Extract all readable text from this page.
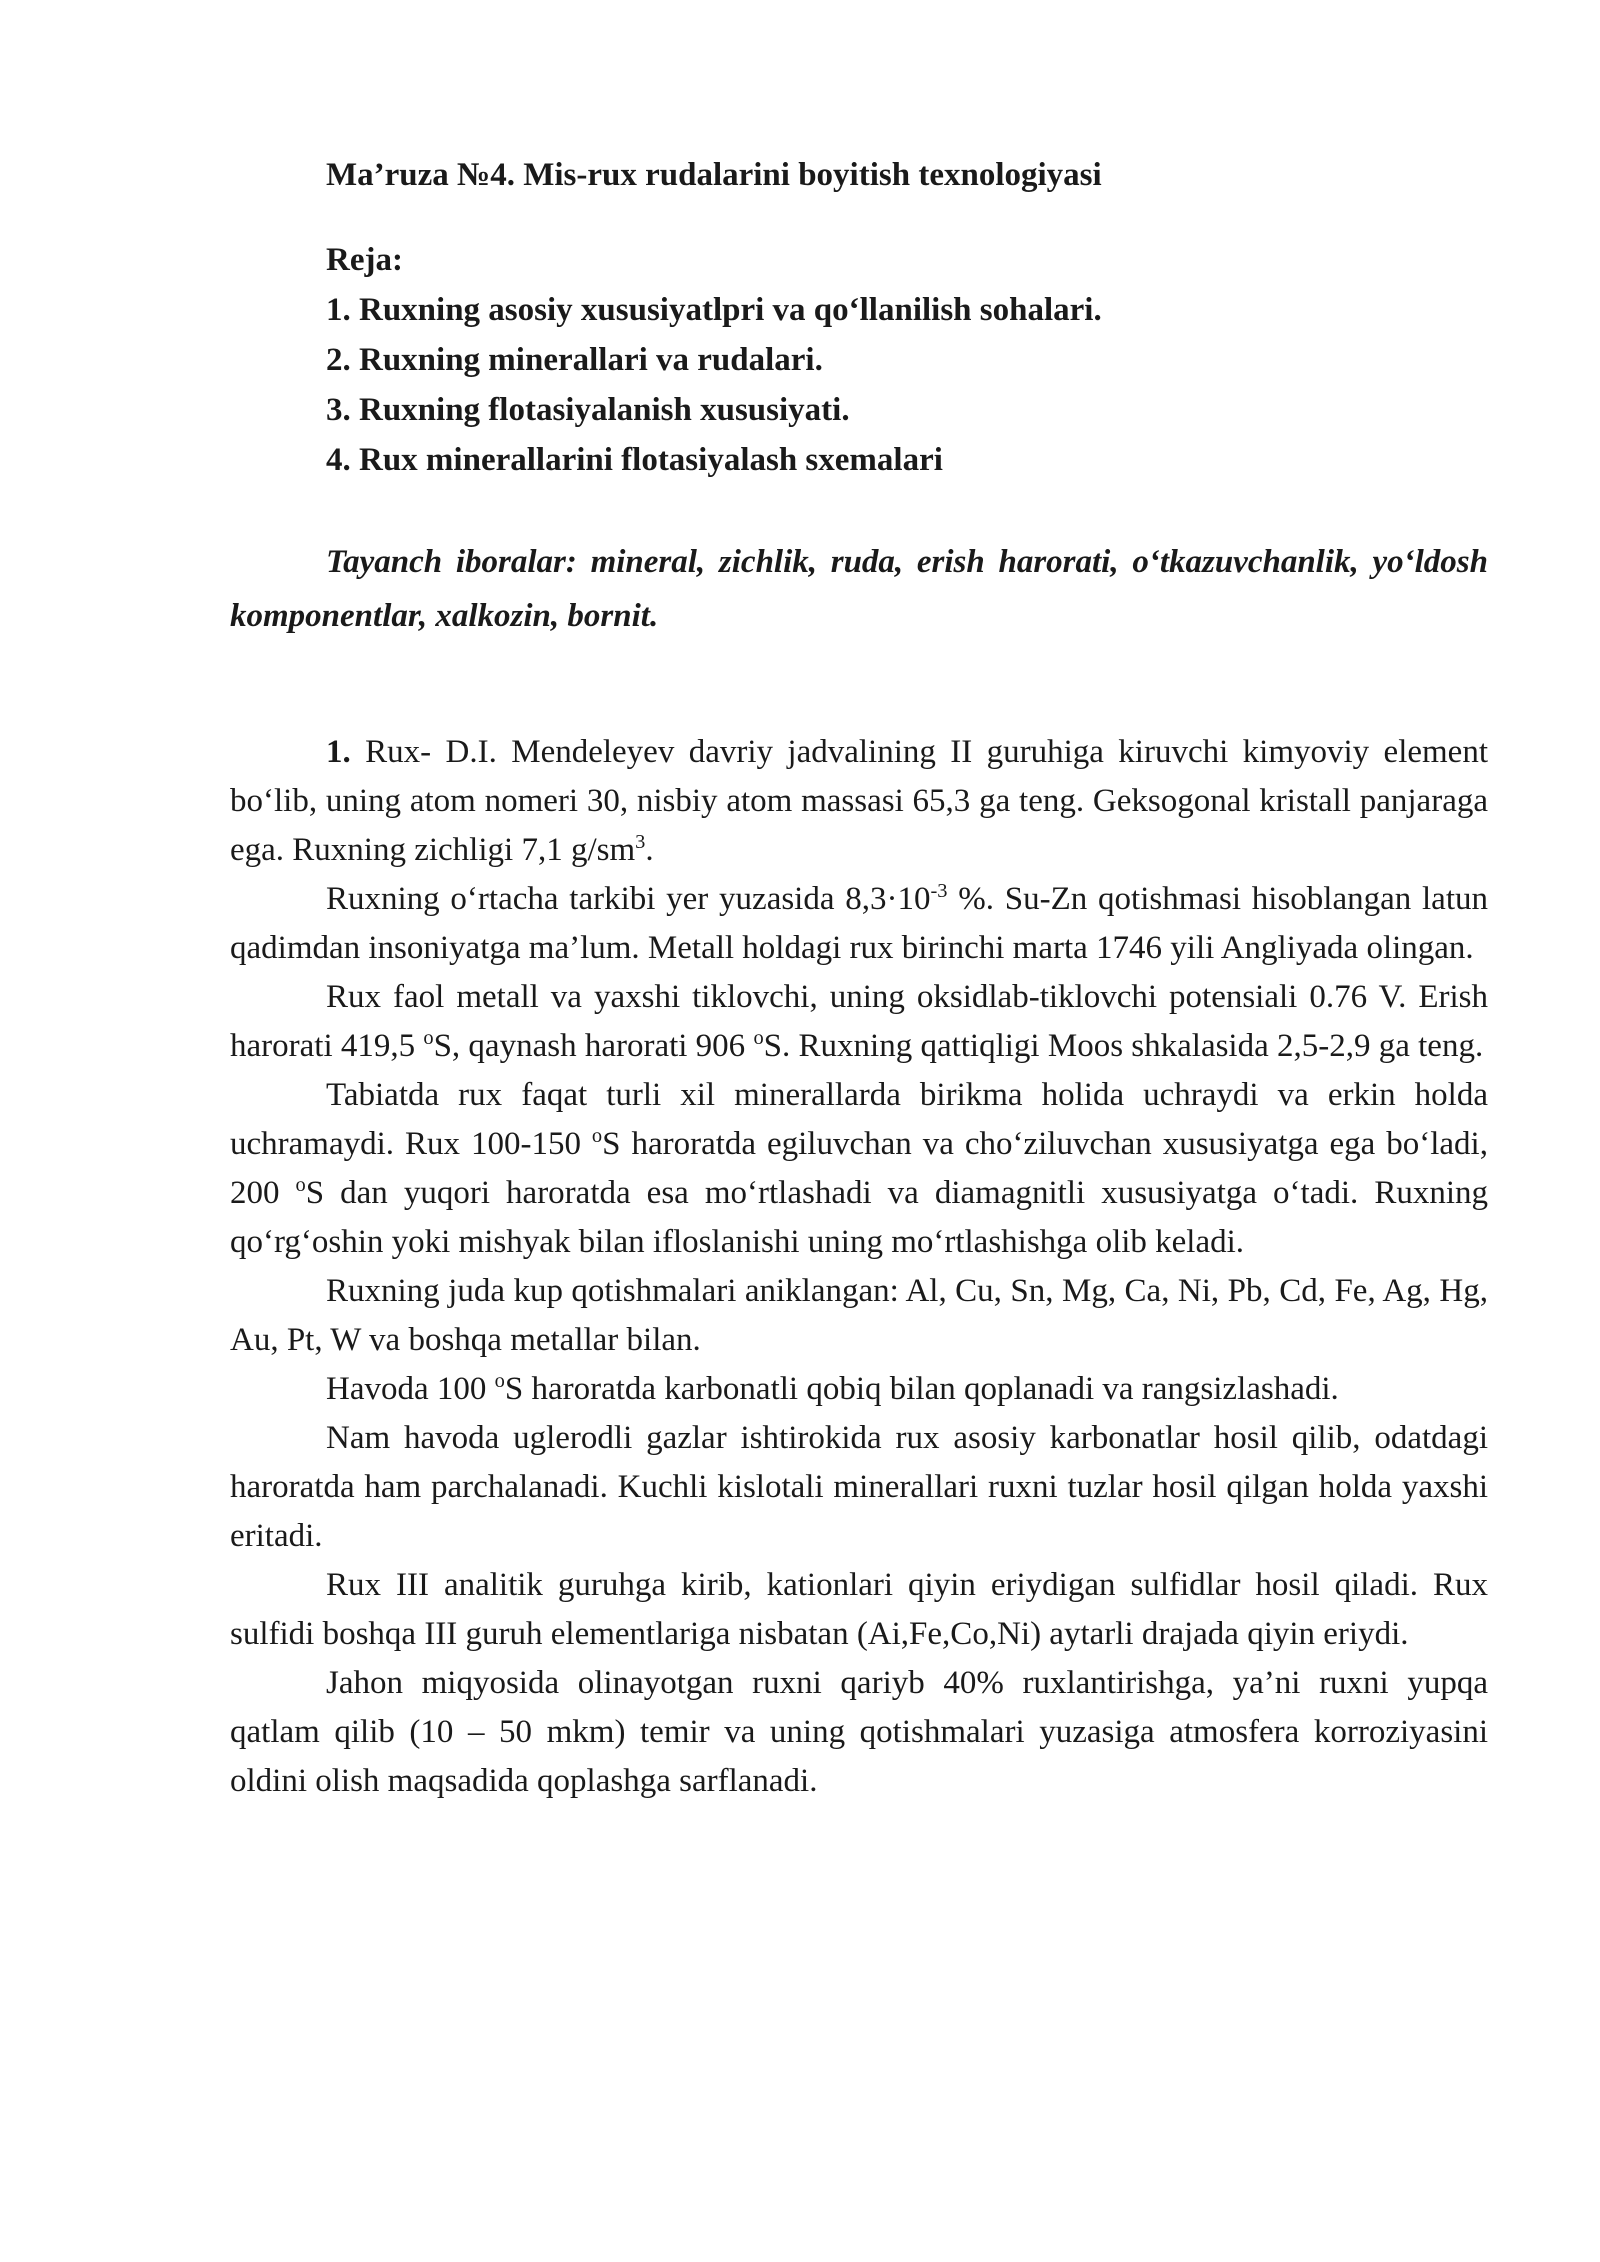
Ma’ruza №4. Mis-rux rudalarini boyitish texnologiyasi
Reja:
1. Ruxning asosiy xususiyatlpri va qo‘llanilish sohalari.
2. Ruxning minerallari va rudalari.
3. Ruxning flotasiyalanish xususiyati.
4. Rux minerallarini flotasiyalash sxemalari
Tayanch iboralar: mineral, zichlik, ruda, erish harorati, o‘tkazuvchanlik, yo‘ldosh komponentlar, xalkozin, bornit.

1. Rux- D.I. Mendeleyev davriy jadvalining II guruhiga kiruvchi kimyoviy element bo‘lib, uning atom nomeri 30, nisbiy atom massasi 65,3 ga teng. Geksogonal kristall panjaraga ega. Ruxning zichligi 7,1 $g/sm^3$.

Ruxning o‘rtacha tarkibi yer yuzasida $8,3\cdot 10^{-3}$ %. Su-Zn qotishmasi hisoblangan latun qadimdan insoniyatga ma’lum. Metall holdagi rux birinchi marta 1746 yili Angliyada olingan.

Rux faol metall va yaxshi tiklovchi, uning oksidlab-tiklovchi potensiali 0.76 V. Erish harorati 419,5 $^o$S, qaynash harorati 906 $^o$S. Ruxning qattiqligi Moos shkalasida 2,5-2,9 ga teng.

Tabiatda rux faqat turli xil minerallarda birikma holida uchraydi va erkin holda uchramaydi. Rux 100-150 $^o$S haroratda egiluvchan va cho‘ziluvchan xususiyatga ega bo‘ladi, 200 $^o$S dan yuqori haroratda esa mo‘rtlashadi va diamagnitli xususiyatga o‘tadi. Ruxning qo‘rg‘oshin yoki mishyak bilan ifloslanishi uning mo‘rtlashishga olib keladi.

Ruxning juda kup qotishmalari aniklangan: Al, Cu, Sn, Mg, Ca, Ni, Pb, Cd, Fe, Ag, Hg, Au, Pt, W va boshqa metallar bilan.

Havoda 100 $^o$S haroratda karbonatli qobiq bilan qoplanadi va rangsizlashadi.

Nam havoda uglerodli gazlar ishtirokida rux asosiy karbonatlar hosil qilib, odatdagi haroratda ham parchalanadi. Kuchli kislotali minerallari ruxni tuzlar hosil qilgan holda yaxshi eritadi.

Rux III analitik guruhga kirib, kationlari qiyin eriydigan sulfidlar hosil qiladi. Rux sulfidi boshqa III guruh elementlariga nisbatan (Ai,Fe,Co,Ni) aytarli drajada qiyin eriydi.

Jahon miqyosida olinayotgan ruxni qariyb 40% ruxlantirishga, ya’ni ruxni yupqa qatlam qilib (10 – 50 mkm) temir va uning qotishmalari yuzasiga atmosfera korroziyasini oldini olish maqsadida qoplashga sarflanadi.
